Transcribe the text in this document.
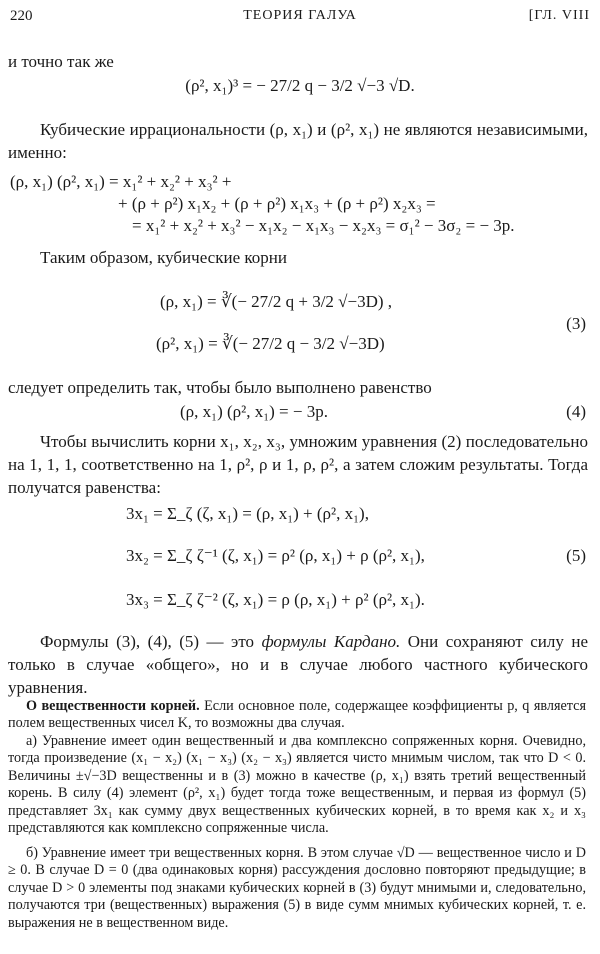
220	ТЕОРИЯ ГАЛУА	[ГЛ. VIII
и точно так же
(ρ², x₁)³ = − 27/2 q − 3/2 √−3 √D.
Кубические иррациональности (ρ, x₁) и (ρ², x₁) не являются независимыми, именно:
(ρ, x₁) (ρ², x₁) = x₁² + x₂² + x₃² +
+ (ρ + ρ²) x₁x₂ + (ρ + ρ²) x₁x₃ + (ρ + ρ²) x₂x₃ =
= x₁² + x₂² + x₃² − x₁x₂ − x₁x₃ − x₂x₃ = σ₁² − 3σ₂ = − 3p.
Таким образом, кубические корни
(ρ, x₁) = ∛(− 27/2 q + 3/2 √−3D) ,
(ρ², x₁) = ∛(− 27/2 q − 3/2 √−3D)
(3)
следует определить так, чтобы было выполнено равенство
(ρ, x₁) (ρ², x₁) = − 3p.	(4)
Чтобы вычислить корни x₁, x₂, x₃, умножим уравнения (2) последовательно на 1, 1, 1, соответственно на 1, ρ², ρ и 1, ρ, ρ², а затем сложим результаты. Тогда получатся равенства:
3x₁ = Σ_ζ (ζ, x₁) = (ρ, x₁) + (ρ², x₁),
3x₂ = Σ_ζ ζ⁻¹ (ζ, x₁) = ρ² (ρ, x₁) + ρ (ρ², x₁),
3x₃ = Σ_ζ ζ⁻² (ζ, x₁) = ρ (ρ, x₁) + ρ² (ρ², x₁).
(5)
Формулы (3), (4), (5) — это формулы Кардано. Они сохраняют силу не только в случае «общего», но и в случае любого частного кубического уравнения.
О вещественности корней. Если основное поле, содержащее коэффициенты p, q является полем вещественных чисел K, то возможны два случая.
а) Уравнение имеет один вещественный и два комплексно сопряженных корня. Очевидно, тогда произведение (x₁ − x₂) (x₁ − x₃) (x₂ − x₃) является чисто мнимым числом, так что D < 0. Величины ±√−3D вещественны и в (3) можно в качестве (ρ, x₁) взять третий вещественный корень. В силу (4) элемент (ρ², x₁) будет тогда тоже вещественным, и первая из формул (5) представляет 3x₁ как сумму двух вещественных кубических корней, в то время как x₂ и x₃ представляются как комплексно сопряженные числа.
б) Уравнение имеет три вещественных корня. В этом случае √D — вещественное число и D ≥ 0. В случае D = 0 (два одинаковых корня) рассуждения дословно повторяют предыдущие; в случае D > 0 элементы под знаками кубических корней в (3) будут мнимыми и, следовательно, получаются три (вещественных) выражения (5) в виде сумм мнимых кубических корней, т. е. выражения не в вещественном виде.
